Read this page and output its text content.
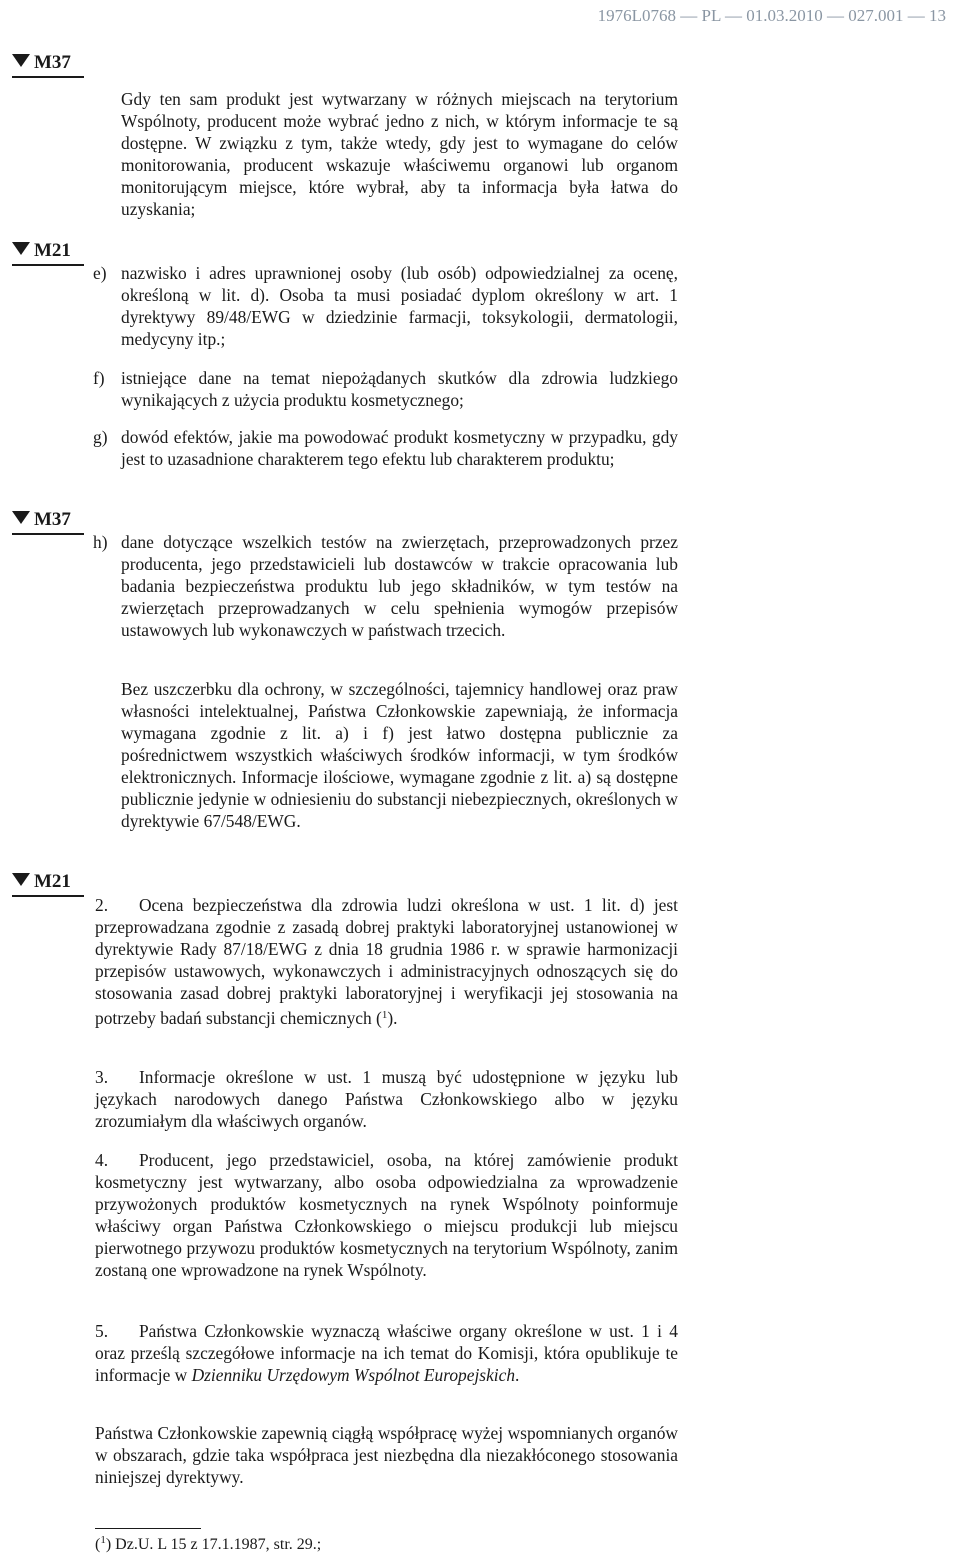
1976L0768 — PL — 01.03.2010 — 027.001 — 13
M37
M21
M37
M21

Gdy ten sam produkt jest wytwarzany w różnych miejscach na terytorium Wspólnoty, producent może wybrać jedno z nich, w którym informacje te są dostępne. W związku z tym, także wtedy, gdy jest to wymagane do celów monitorowania, producent wskazuje właściwemu organowi lub organom monitorującym miejsce, które wybrał, aby ta informacja była łatwa do uzyskania;

e) nazwisko i adres uprawnionej osoby (lub osób) odpowiedzialnej za ocenę, określoną w lit. d). Osoba ta musi posiadać dyplom określony w art. 1 dyrektywy 89/48/EWG w dziedzinie farmacji, toksykologii, dermatologii, medycyny itp.;
f) istniejące dane na temat niepożądanych skutków dla zdrowia ludzkiego wynikających z użycia produktu kosmetycznego;
g) dowód efektów, jakie ma powodować produkt kosmetyczny w przypadku, gdy jest to uzasadnione charakterem tego efektu lub charakterem produktu;
h) dane dotyczące wszelkich testów na zwierzętach, przeprowadzonych przez producenta, jego przedstawicieli lub dostawców w trakcie opracowania lub badania bezpieczeństwa produktu lub jego składników, w tym testów na zwierzętach przeprowadzanych w celu spełnienia wymogów przepisów ustawowych lub wykonawczych w państwach trzecich.

Bez uszczerbku dla ochrony, w szczególności, tajemnicy handlowej oraz praw własności intelektualnej, Państwa Członkowskie zapewniają, że informacja wymagana zgodnie z lit. a) i f) jest łatwo dostępna publicznie za pośrednictwem wszystkich właściwych środków informacji, w tym środków elektronicznych. Informacje ilościowe, wymagane zgodnie z lit. a) są dostępne publicznie jedynie w odniesieniu do substancji niebezpiecznych, określonych w dyrektywie 67/548/EWG.

2. Ocena bezpieczeństwa dla zdrowia ludzi określona w ust. 1 lit. d) jest przeprowadzana zgodnie z zasadą dobrej praktyki laboratoryjnej ustanowionej w dyrektywie Rady 87/18/EWG z dnia 18 grudnia 1986 r. w sprawie harmonizacji przepisów ustawowych, wykonawczych i administracyjnych odnoszących się do stosowania zasad dobrej praktyki laboratoryjnej i weryfikacji jej stosowania na potrzeby badań substancji chemicznych ($^1$).

3. Informacje określone w ust. 1 muszą być udostępnione w języku lub językach narodowych danego Państwa Członkowskiego albo w języku zrozumiałym dla właściwych organów.

4. Producent, jego przedstawiciel, osoba, na której zamówienie produkt kosmetyczny jest wytwarzany, albo osoba odpowiedzialna za wprowadzenie przywożonych produktów kosmetycznych na rynek Wspólnoty poinformuje właściwy organ Państwa Członkowskiego o miejscu produkcji lub miejscu pierwotnego przywozu produktów kosmetycznych na terytorium Wspólnoty, zanim zostaną one wprowadzone na rynek Wspólnoty.

5. Państwa Członkowskie wyznaczą właściwe organy określone w ust. 1 i 4 oraz prześlą szczegółowe informacje na ich temat do Komisji, która opublikuje te informacje w Dzienniku Urzędowym Wspólnot Europejskich.

Państwa Członkowskie zapewnią ciągłą współpracę wyżej wspomnianych organów w obszarach, gdzie taka współpraca jest niezbędna dla niezakłóconego stosowania niniejszej dyrektywy.

($^1$) Dz.U. L 15 z 17.1.1987, str. 29.;
